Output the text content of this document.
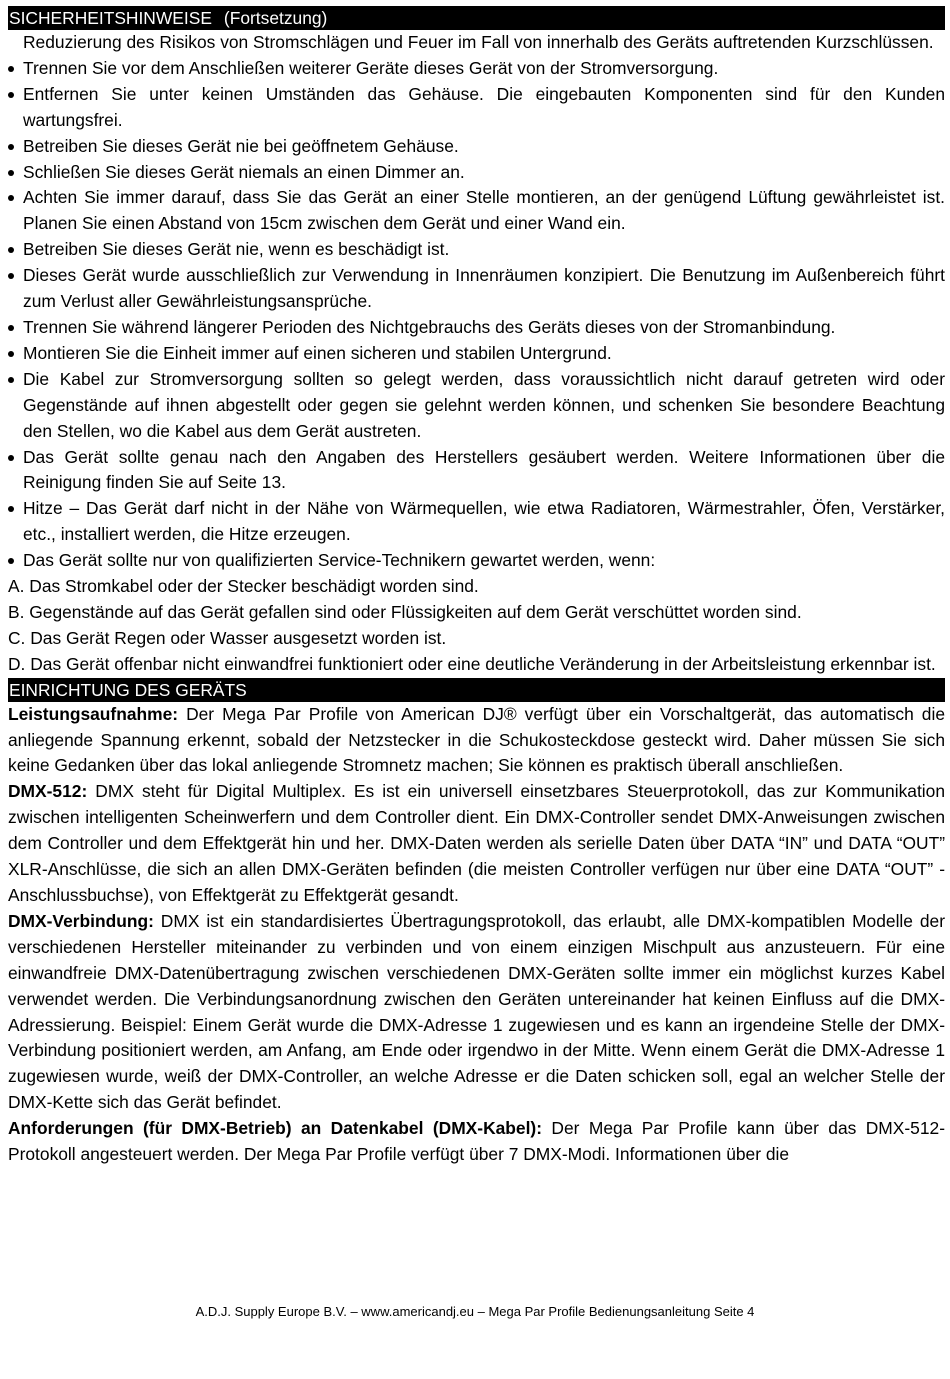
SICHERHEITSHINWEISE (Fortsetzung)
Reduzierung des Risikos von Stromschlägen und Feuer im Fall von innerhalb des Geräts auftretenden Kurzschlüssen.
Trennen Sie vor dem Anschließen weiterer Geräte dieses Gerät von der Stromversorgung.
Entfernen Sie unter keinen Umständen das Gehäuse. Die eingebauten Komponenten sind für den Kunden wartungsfrei.
Betreiben Sie dieses Gerät nie bei geöffnetem Gehäuse.
Schließen Sie dieses Gerät niemals an einen Dimmer an.
Achten Sie immer darauf, dass Sie das Gerät an einer Stelle montieren, an der genügend Lüftung gewährleistet ist. Planen Sie einen Abstand von 15cm zwischen dem Gerät und einer Wand ein.
Betreiben Sie dieses Gerät nie, wenn es beschädigt ist.
Dieses Gerät wurde ausschließlich zur Verwendung in Innenräumen konzipiert. Die Benutzung im Außenbereich führt zum Verlust aller Gewährleistungsansprüche.
Trennen Sie während längerer Perioden des Nichtgebrauchs des Geräts dieses von der Stromanbindung.
Montieren Sie die Einheit immer auf einen sicheren und stabilen Untergrund.
Die Kabel zur Stromversorgung sollten so gelegt werden, dass voraussichtlich nicht darauf getreten wird oder Gegenstände auf ihnen abgestellt oder gegen sie gelehnt werden können, und schenken Sie besondere Beachtung den Stellen, wo die Kabel aus dem Gerät austreten.
Das Gerät sollte genau nach den Angaben des Herstellers gesäubert werden. Weitere Informationen über die Reinigung finden Sie auf Seite 13.
Hitze – Das Gerät darf nicht in der Nähe von Wärmequellen, wie etwa Radiatoren, Wärmestrahler, Öfen, Verstärker, etc., installiert werden, die Hitze erzeugen.
Das Gerät sollte nur von qualifizierten Service-Technikern gewartet werden, wenn:
A. Das Stromkabel oder der Stecker beschädigt worden sind.
B. Gegenstände auf das Gerät gefallen sind oder Flüssigkeiten auf dem Gerät verschüttet worden sind.
C. Das Gerät Regen oder Wasser ausgesetzt worden ist.
D. Das Gerät offenbar nicht einwandfrei funktioniert oder eine deutliche Veränderung in der Arbeitsleistung erkennbar ist.
EINRICHTUNG DES GERÄTS
Leistungsaufnahme: Der Mega Par Profile von American DJ® verfügt über ein Vorschaltgerät, das automatisch die anliegende Spannung erkennt, sobald der Netzstecker in die Schukosteckdose gesteckt wird. Daher müssen Sie sich keine Gedanken über das lokal anliegende Stromnetz machen; Sie können es praktisch überall anschließen.
DMX-512: DMX steht für Digital Multiplex. Es ist ein universell einsetzbares Steuerprotokoll, das zur Kommunikation zwischen intelligenten Scheinwerfern und dem Controller dient. Ein DMX-Controller sendet DMX-Anweisungen zwischen dem Controller und dem Effektgerät hin und her. DMX-Daten werden als serielle Daten über DATA “IN” und DATA “OUT” XLR-Anschlüsse, die sich an allen DMX-Geräten befinden (die meisten Controller verfügen nur über eine DATA “OUT” - Anschlussbuchse), von Effektgerät zu Effektgerät gesandt.
DMX-Verbindung: DMX ist ein standardisiertes Übertragungsprotokoll, das erlaubt, alle DMX-kompatiblen Modelle der verschiedenen Hersteller miteinander zu verbinden und von einem einzigen Mischpult aus anzusteuern. Für eine einwandfreie DMX-Datenübertragung zwischen verschiedenen DMX-Geräten sollte immer ein möglichst kurzes Kabel verwendet werden. Die Verbindungsanordnung zwischen den Geräten untereinander hat keinen Einfluss auf die DMX-Adressierung. Beispiel: Einem Gerät wurde die DMX-Adresse 1 zugewiesen und es kann an irgendeine Stelle der DMX-Verbindung positioniert werden, am Anfang, am Ende oder irgendwo in der Mitte. Wenn einem Gerät die DMX-Adresse 1 zugewiesen wurde, weiß der DMX-Controller, an welche Adresse er die Daten schicken soll, egal an welcher Stelle der DMX-Kette sich das Gerät befindet.
Anforderungen (für DMX-Betrieb) an Datenkabel (DMX-Kabel): Der Mega Par Profile kann über das DMX-512-Protokoll angesteuert werden. Der Mega Par Profile verfügt über 7 DMX-Modi. Informationen über die
A.D.J. Supply Europe B.V. – www.americandj.eu – Mega Par Profile Bedienungsanleitung Seite 4
